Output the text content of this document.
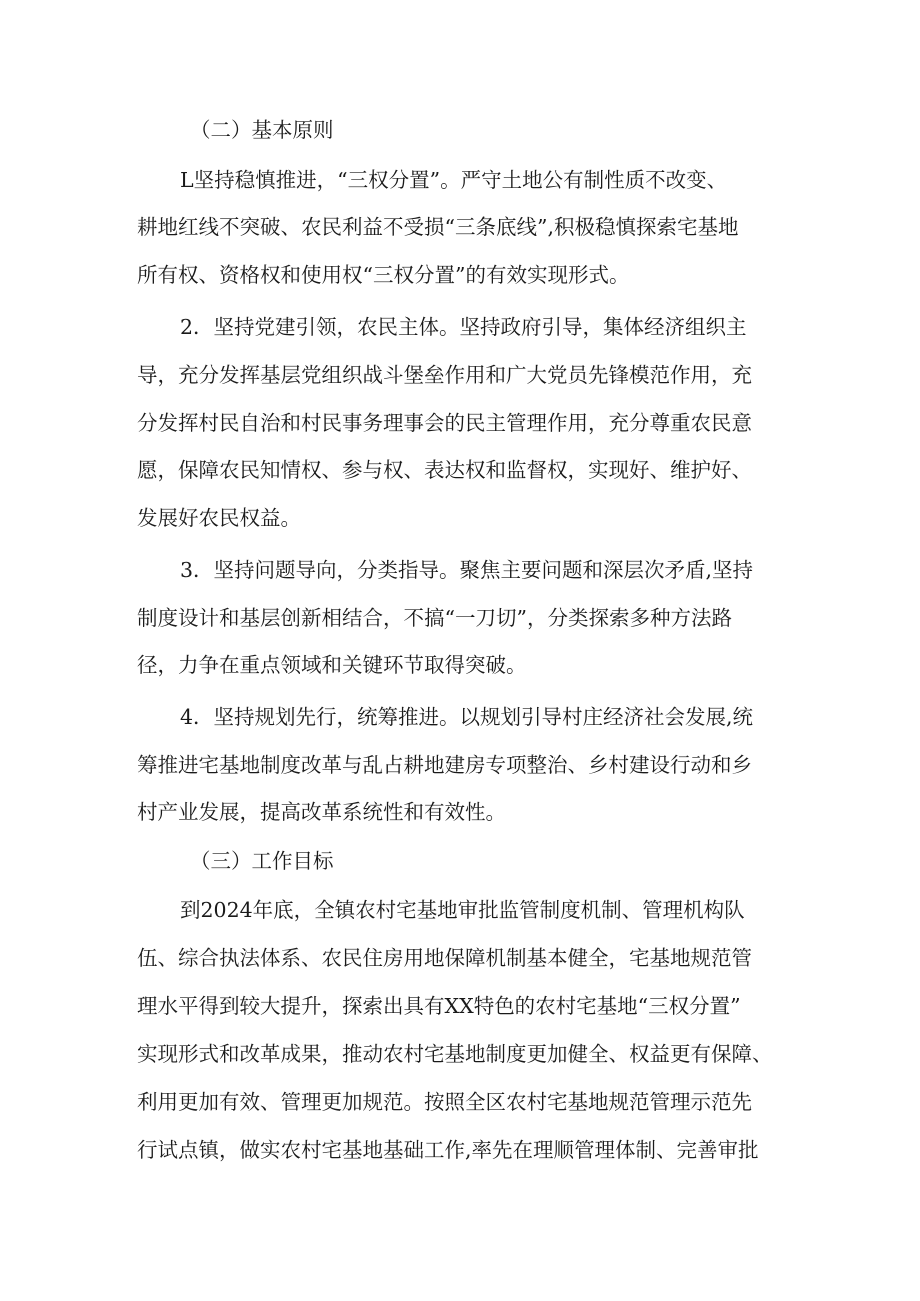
（二）基本原则

L坚持稳慎推进，“三权分置”。严守土地公有制性质不改变、

耕地红线不突破、农民利益不受损“三条底线”,积极稳慎探索宅基地

所有权、资格权和使用权“三权分置”的有效实现形式。

2．坚持党建引领，农民主体。坚持政府引导，集体经济组织主

导，充分发挥基层党组织战斗堡垒作用和广大党员先锋模范作用，充

分发挥村民自治和村民事务理事会的民主管理作用，充分尊重农民意

愿，保障农民知情权、参与权、表达权和监督权，实现好、维护好、

发展好农民权益。

3．坚持问题导向，分类指导。聚焦主要问题和深层次矛盾,坚持

制度设计和基层创新相结合，不搞“一刀切”，分类探索多种方法路

径，力争在重点领域和关键环节取得突破。

4．坚持规划先行，统筹推进。以规划引导村庄经济社会发展,统

筹推进宅基地制度改革与乱占耕地建房专项整治、乡村建设行动和乡

村产业发展，提高改革系统性和有效性。

（三）工作目标

到2024年底，全镇农村宅基地审批监管制度机制、管理机构队

伍、综合执法体系、农民住房用地保障机制基本健全，宅基地规范管

理水平得到较大提升，探索出具有XX特色的农村宅基地“三权分置”

实现形式和改革成果，推动农村宅基地制度更加健全、权益更有保障、

利用更加有效、管理更加规范。按照全区农村宅基地规范管理示范先

行试点镇，做实农村宅基地基础工作,率先在理顺管理体制、完善审批
